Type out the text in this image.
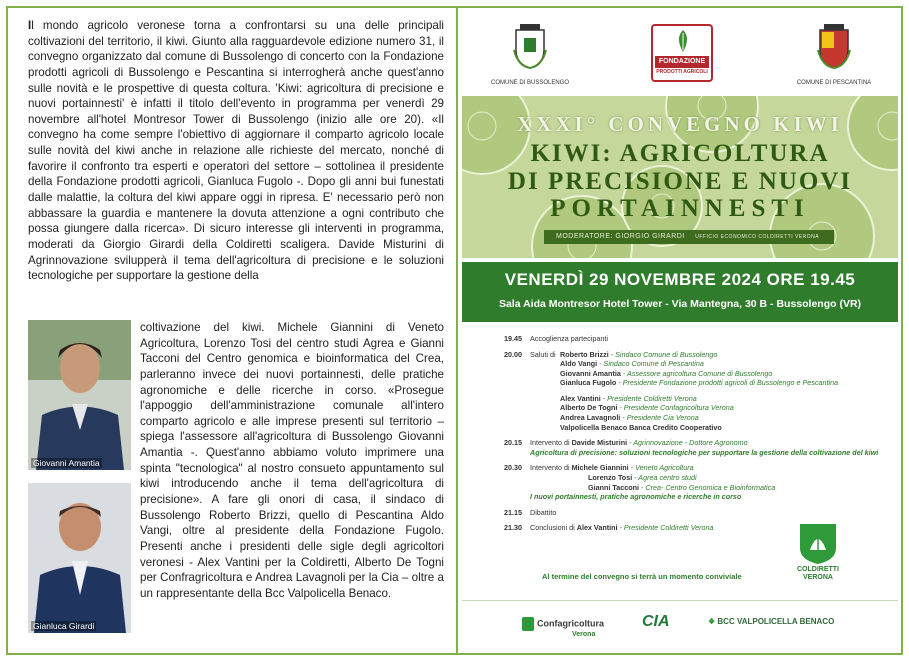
Il mondo agricolo veronese torna a confrontarsi su una delle principali coltivazioni del territorio, il kiwi. Giunto alla ragguardevole edizione numero 31, il convegno organizzato dal comune di Bussolengo di concerto con la Fondazione prodotti agricoli di Bussolengo e Pescantina si interrogherà anche quest'anno sulle novità e le prospettive di questa coltura. 'Kiwi: agricoltura di precisione e nuovi portainnesti' è infatti il titolo dell'evento in programma per venerdì 29 novembre all'hotel Montresor Tower di Bussolengo (inizio alle ore 20). «Il convegno ha come sempre l'obiettivo di aggiornare il comparto agricolo locale sulle novità del kiwi anche in relazione alle richieste del mercato, nonché di favorire il confronto tra esperti e operatori del settore – sottolinea il presidente della Fondazione prodotti agricoli, Gianluca Fugolo -. Dopo gli anni bui funestati dalle malattie, la coltura del kiwi appare oggi in ripresa. E' necessario però non abbassare la guardia e mantenere la dovuta attenzione a ogni contributo che possa giungere dalla ricerca». Di sicuro interesse gli interventi in programma, moderati da Giorgio Girardi della Coldiretti scaligera. Davide Misturini di Agrinnovazione svilupperà il tema dell'agricoltura di precisione e le soluzioni tecnologiche per supportare la gestione della

Giovanni Amantia
Gianluca Girardi
coltivazione del kiwi. Michele Giannini di Veneto Agricoltura, Lorenzo Tosi del centro studi Agrea e Gianni Tacconi del Centro genomica e bioinformatica del Crea, parleranno invece dei nuovi portainnesti, delle pratiche agronomiche e delle ricerche in corso. «Prosegue l'appoggio dell'amministrazione comunale all'intero comparto agricolo e alle imprese presenti sul territorio – spiega l'assessore all'agricoltura di Bussolengo Giovanni Amantia -. Quest'anno abbiamo voluto imprimere una spinta "tecnologica" al nostro consueto appuntamento sul kiwi introducendo anche il tema dell'agricoltura di precisione». A fare gli onori di casa, il sindaco di Bussolengo Roberto Brizzi, quello di Pescantina Aldo Vangi, oltre al presidente della Fondazione Fugolo. Presenti anche i presidenti delle sigle degli agricoltori veronesi - Alex Vantini per la Coldiretti, Alberto De Togni per Confragricoltura e Andrea Lavagnoli per la Cia – oltre a un rappresentante della Bcc Valpolicella Benaco.
COMUNE DI BUSSOLENGO
FONDAZIONE
PRODOTTI AGRICOLI
COMUNE DI PESCANTINA
XXXI° CONVEGNO KIWI
KIWI: AGRICOLTURA
DI PRECISIONE E NUOVI
PORTAINNESTI
MODERATORE: GIORGIO GIRARDI UFFICIO ECONOMICO COLDIRETTI VERONA
VENERDÌ 29 NOVEMBRE 2024 ORE 19.45
Sala Aida Montresor Hotel Tower - Via Mantegna, 30 B - Bussolengo (VR)
19.45 Accoglienza partecipanti
20.00 Saluti di Roberto Brizzi - Sindaco Comune di Bussolengo
Aldo Vangi - Sindaco Comune di Pescantina
Giovanni Amantia - Assessore agricoltura Comune di Bussolengo
Gianluca Fugolo - Presidente Fondazione prodotti agricoli di Bussolengo e Pescantina
Alex Vantini - Presidente Coldiretti Verona
Alberto De Togni - Presidente Confagricoltura Verona
Andrea Lavagnoli - Presidente Cia Verona
Valpolicella Benaco Banca Credito Cooperativo
20.15 Intervento di Davide Misturini - Agrinnovazione - Dottore Agronomo
Agricoltura di precisione: soluzioni tecnologiche per supportare la gestione della coltivazione del kiwi
20.30 Intervento di Michele Giannini - Veneto Agricoltura
Lorenzo Tosi - Agrea centro studi
Gianni Tacconi - Crea- Centro Genomica e Bioinformatica
I nuovi portainnesti, pratiche agronomiche e ricerche in corso
21.15 Dibattito
21.30 Conclusioni di Alex Vantini - Presidente Coldiretti Verona
Al termine del convegno si terrà un momento conviviale
COLDIRETTI VERONA
Confagricoltura
Verona
CIA	❖ BCC VALPOLICELLA BENACO
